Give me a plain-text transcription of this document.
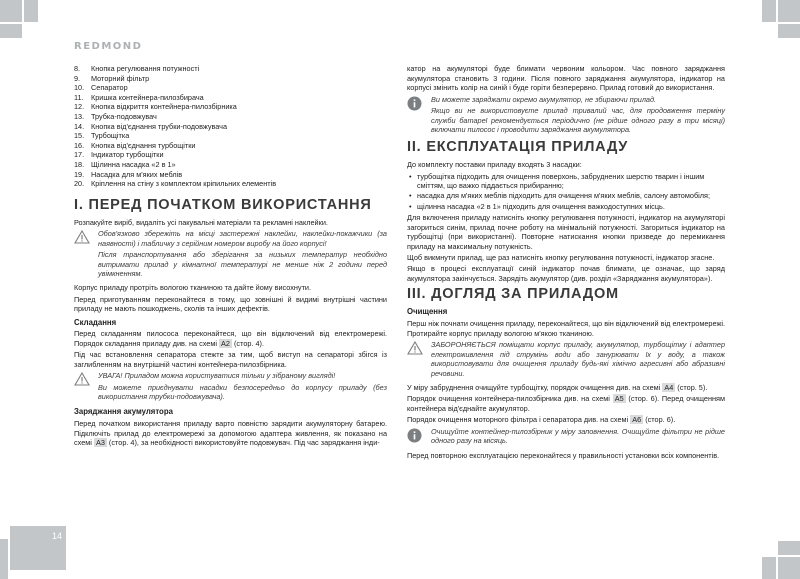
REDMOND
8.	Кнопка регулювання потужності
9.	Моторний фільтр
10. Сепаратор
11.	Кришка контейнера-пилозбирача
12. Кнопка відкриття контейнера-пилозбірника
13. Трубка-подовжувач
14. Кнопка від'єднання трубки-подовжувача
15. Турбощітка
16. Кнопка від'єднання турбощітки
17. Індикатор турбощітки
18. Щілинна насадка «2 в 1»
19. Насадка для м'яких меблів
20. Кріплення на стіну з комплектом кріпильних елементів
I. ПЕРЕД ПОЧАТКОМ ВИКОРИСТАННЯ

Розпакуйте виріб, видаліть усі пакувальні матеріали та рекламні наклейки.

Обов'язково збережіть на місці застережні наклейки, наклейки-покажчики (за наявності) і табличку з серійним номером виробу на його корпусі!

Після транспортування або зберігання за низьких температур необхідно витримати прилад у кімнатної температурі не менше ніж 2 години перед увімкненням.

Корпус приладу протріть вологою тканиною та дайте йому висохнути.

Перед приготуванням переконайтеся в тому, що зовнішні й видимі внутрішні частини приладу не мають пошкоджень, сколів та інших дефектів.

Складання

Перед складанням пилососа переконайтеся, що він відключений від електромережі. Порядок складання приладу див. на схемі A2 (стор. 4).

Під час встановлення сепаратора стежте за тим, щоб виступ на сепараторі збігся із заглибленням на внутрішній частині контейнера-пилозбірника.

УВАГА! Приладом можна користуватися тільки у зібраному вигляді!

Ви можете приєднувати насадки безпосередньо до корпусу приладу (без використання трубки-подовжувача).

Заряджання акумулятора

Перед початком використання приладу варто повністю зарядити акумуляторну батарею. Підключіть прилад до електромережі за допомогою адаптера живлення, як показано на схемі A3 (стор. 4), за необхідності використовуйте подовжувач. Під час заряджання інди-

катор на акумуляторі буде блимати червоним кольором. Час повного заряджання акумулятора становить 3 години. Після повного заряджання акумулятора, індикатор на корпусі змінить колір на синій і буде горіти безперервно. Прилад готовий до використання.

Ви можете заряджати окремо акумулятор, не збираючи прилад.

Якщо ви не використовуєте прилад тривалий час, для продовження терміну служби батареї рекомендується періодично (не рідше одного разу в три місяці) включати пилосос і проводити заряджання акумулятора.

II. ЕКСПЛУАТАЦІЯ ПРИЛАДУ

До комплекту поставки приладу входять 3 насадки:

• турбощітка підходить для очищення поверхонь, забруднених шерстю тварин і іншим сміттям, що важко піддається прибиранню;
• насадка для м'яких меблів підходить для очищення м'яких меблів, салону автомобіля;
• щілинна насадка «2 в 1» підходить для очищення важкодоступних місць.

Для включення приладу натисніть кнопку регулювання потужності, індикатор на акумуляторі загориться синім, прилад почне роботу на мінімальній потужності. Загориться індикатор на турбощітці (при використанні). Повторне натискання кнопки призведе до перемикання приладу на максимальну потужність.

Щоб викмнути прилад, ще раз натисніть кнопку регулювання потужності, індикатор згасне.

Якщо в процесі експлуатації синій індикатор почав блимати, це означає, що заряд акумулятора закінчується. Зарядіть акумулятор (див. розділ «Заряджання акумулятора»).

III. ДОГЛЯД ЗА ПРИЛАДОМ
Очищення

Перш ніж почнати очищення приладу, переконайтеся, що він відключений від електромережі. Протирайте корпус приладу вологою м'якою тканиною.

ЗАБОРОНЯЄТЬСЯ поміщати корпус приладу, акумулятор, турбощітку і адаптер електроживлення під струмінь води або занурювати їх у воду, а також використовувати для очищення приладу будь-які хімічно агресивні або абразивні речовини.

У міру забруднення очищуйте турбощітку, порядок очищення див. на схемі A4 (стор. 5).

Порядок очищення контейнера-пилозбірника див. на схемі A5 (стор. 6). Перед очищенням контейнера від'єднайте акумулятор.

Порядок очищення моторного фільтра і сепаратора див. на схемі A6 (стор. 6).

Очищуйте контейнер-пилозбірник у міру заповнення. Очищуйте фільтри не рідше одного разу на місяць.

Перед повторною експлуатацією переконайтеся у правильності установки всіх компонентів.

14
